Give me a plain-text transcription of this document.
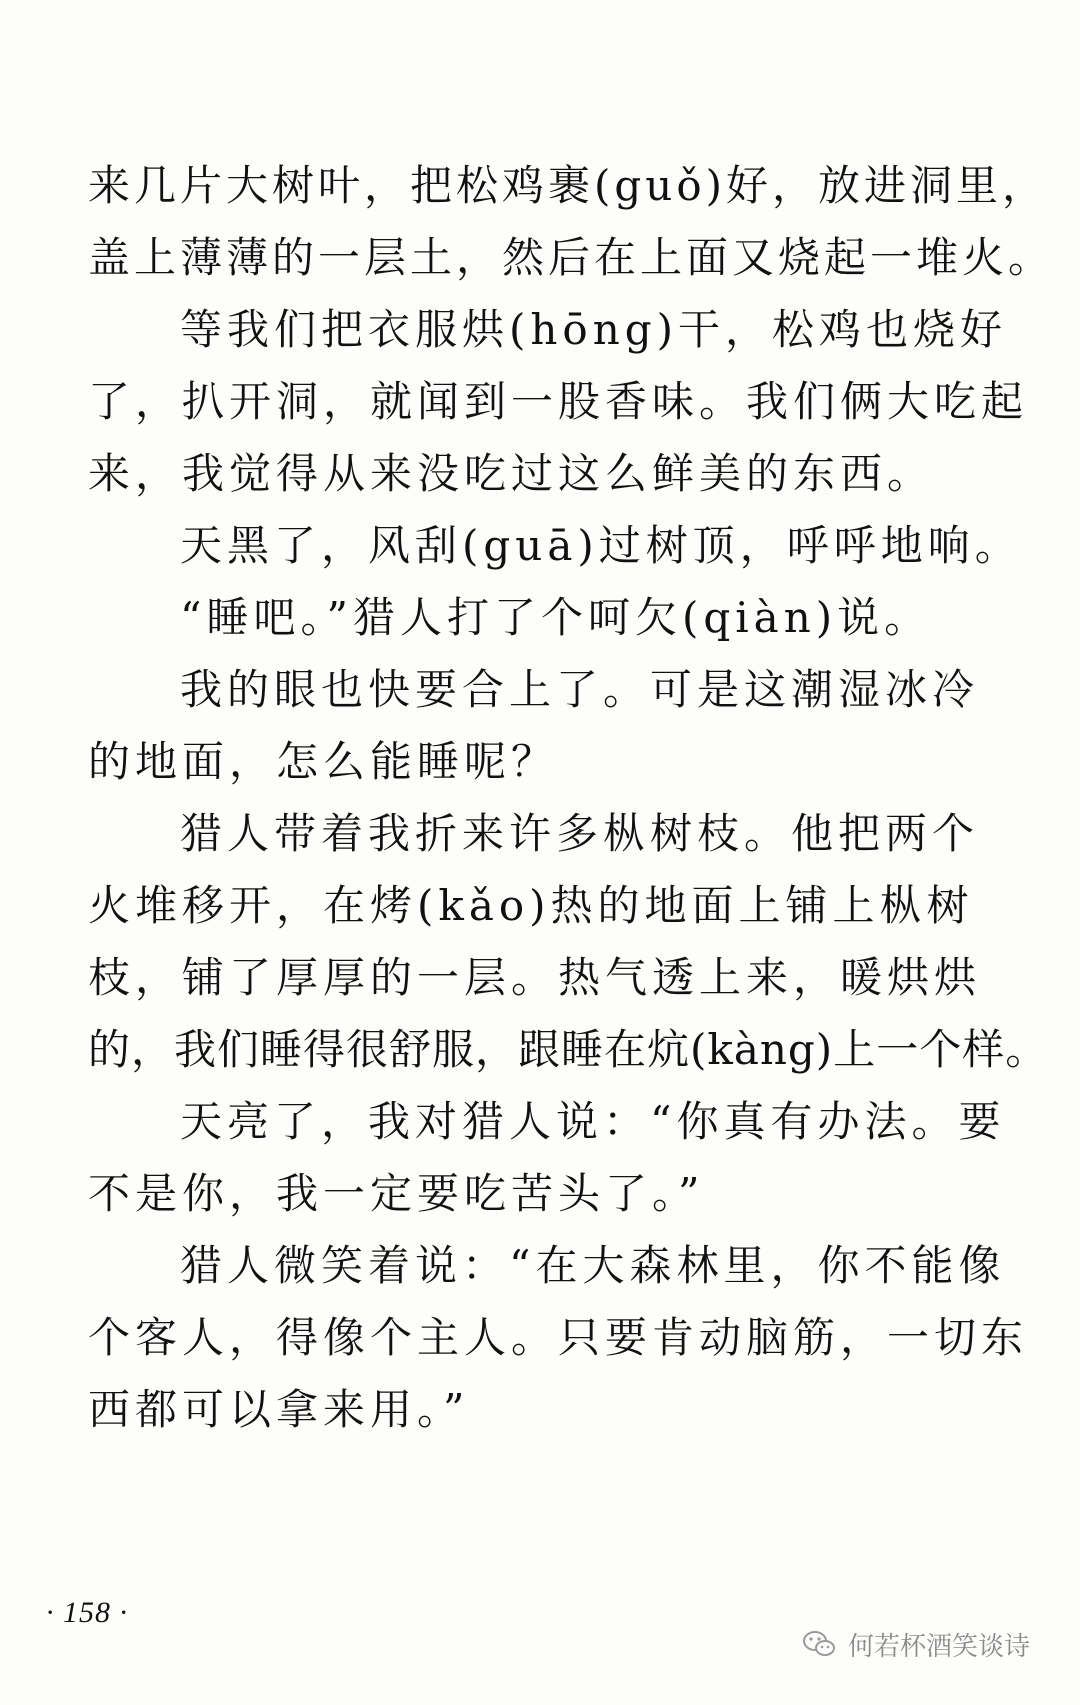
来几片大树叶，把松鸡裹(guǒ)好，放进洞里，
盖上薄薄的一层土，然后在上面又烧起一堆火。
等我们把衣服烘(hōng)干，松鸡也烧好
了，扒开洞，就闻到一股香味。我们俩大吃起
来，我觉得从来没吃过这么鲜美的东西。
天黑了，风刮(guā)过树顶，呼呼地响。
“睡吧。”猎人打了个呵欠(qiàn)说。
我的眼也快要合上了。可是这潮湿冰冷
的地面，怎么能睡呢？
猎人带着我折来许多枞树枝。他把两个
火堆移开，在烤(kǎo)热的地面上铺上枞树
枝，铺了厚厚的一层。热气透上来，暖烘烘
的，我们睡得很舒服，跟睡在炕(kàng)上一个样。
天亮了，我对猎人说：“你真有办法。要
不是你，我一定要吃苦头了。”
猎人微笑着说：“在大森林里，你不能像
个客人，得像个主人。只要肯动脑筋，一切东
西都可以拿来用。”
· 158 ·
何若杯酒笑谈诗
